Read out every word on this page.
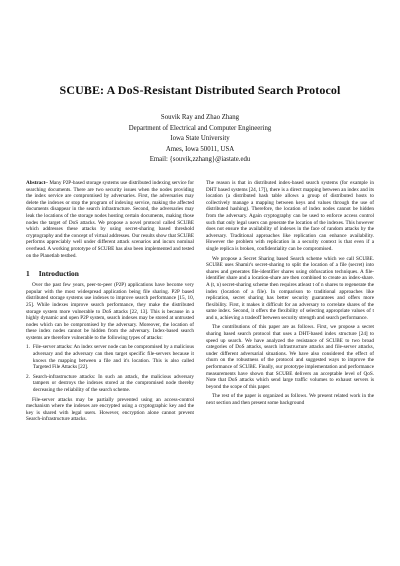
SCUBE: A DoS-Resistant Distributed Search Protocol
Souvik Ray and Zhao Zhang
Department of Electrical and Computer Engineering
Iowa State University
Ames, Iowa 50011, USA
Email: {souvik,zzhang}@iastate.edu

Abstract– Many P2P-based storage systems use distributed indexing service for searching documents. There are two security issues when the nodes providing the index service are compromised by adversaries. First, the adversaries may delete the indexes or stop the program of indexing service, making the affected documents disappear in the search infrastructure. Second, the adversaries may leak the locations of the storage nodes hosting certain documents, making those nodes the target of DoS attacks. We propose a novel protocol called SCUBE which addresses these attacks by using secret-sharing based threshold cryptography and the concept of virtual addresses. Our results show that SCUBE performs appreciably well under different attack scenarios and incurs nominal overhead. A working prototype of SCUBE has also been implemented and tested on the Planetlab testbed.

1 Introduction

Over the past few years, peer-to-peer (P2P) applications have become very popular with the most widespread application being file sharing. P2P based distributed storage systems use indexes to improve search performance [15, 10, 25]. While indexes improve search performance, they make the distributed storage system more vulnerable to DoS attacks [22, 13]. This is because in a highly dynamic and open P2P system, search indexes may be stored at untrusted nodes which can be compromised by the adversary. Moreover, the location of these index nodes cannot be hidden from the adversary. Index-based search systems are therefore vulnerable to the following types of attacks:

1. File-server attacks: An index server node can be compromised by a malicious adversary and the adversary can then target specific file-servers because it knows the mapping between a file and it's location. This is also called Targeted File Attacks [22].
2. Search-infrastructure attacks: In such an attack, the malicious adversary tampers or destroys the indexes stored at the compromised node thereby decreasing the reliability of the search scheme.

File-server attacks may be partially prevented using an access-control mechanism where the indexes are encrypted using a cryptographic key and the key is shared with legal users. However, encryption alone cannot prevent Search-infrastructure attacks.

The reason is that in distributed index-based search systems (for example in DHT based systems [24, 17]), there is a direct mapping between an index and its location (a distributed hash table allows a group of distributed hosts to collectively manage a mapping between keys and values through the use of distributed hashing). Therefore, the location of index nodes cannot be hidden from the adversary. Again cryptography can be used to enforce access control such that only legal users can generate the location of the indexes. This however does not ensure the availability of indexes in the face of random attacks by the adversary. Traditional approaches like replication can enhance availability. However the problem with replication in a security context is that even if a single replica is broken, confidentiality can be compromised.

We propose a Secret Sharing based Search scheme which we call SCUBE. SCUBE uses Shamir's secret-sharing to split the location of a file (secret) into shares and generates file-identifier shares using obfuscation techniques. A file-identifier share and a location-share are then combined to create an index-share. A (t, n) secret-sharing scheme then requires atleast t of n shares to regenerate the index (location of a file). In comparison to traditional approaches like replication, secret sharing has better security guarantees and offers more flexibility. First, it makes it difficult for an adversary to correlate shares of the same index. Second, it offers the flexibility of selecting appropriate values of t and n, achieving a tradeoff between security strength and search performance.

The contributions of this paper are as follows. First, we propose a secret sharing based search protocol that uses a DHT-based index structure [24] to speed up search. We have analyzed the resistance of SCUBE to two broad categories of DoS attacks, search infrastructure attacks and file-server attacks, under different adversarial situations. We have also considered the effect of churn on the robustness of the protocol and suggested ways to improve the performance of SCUBE. Finally, our prototype implementation and performance measurements have shown that SCUBE delivers an acceptable level of QoS. Note that DoS attacks which send large traffic volumes to exhaust servers is beyond the scope of this paper.

The rest of the paper is organized as follows. We present related work in the next section and then present some background
